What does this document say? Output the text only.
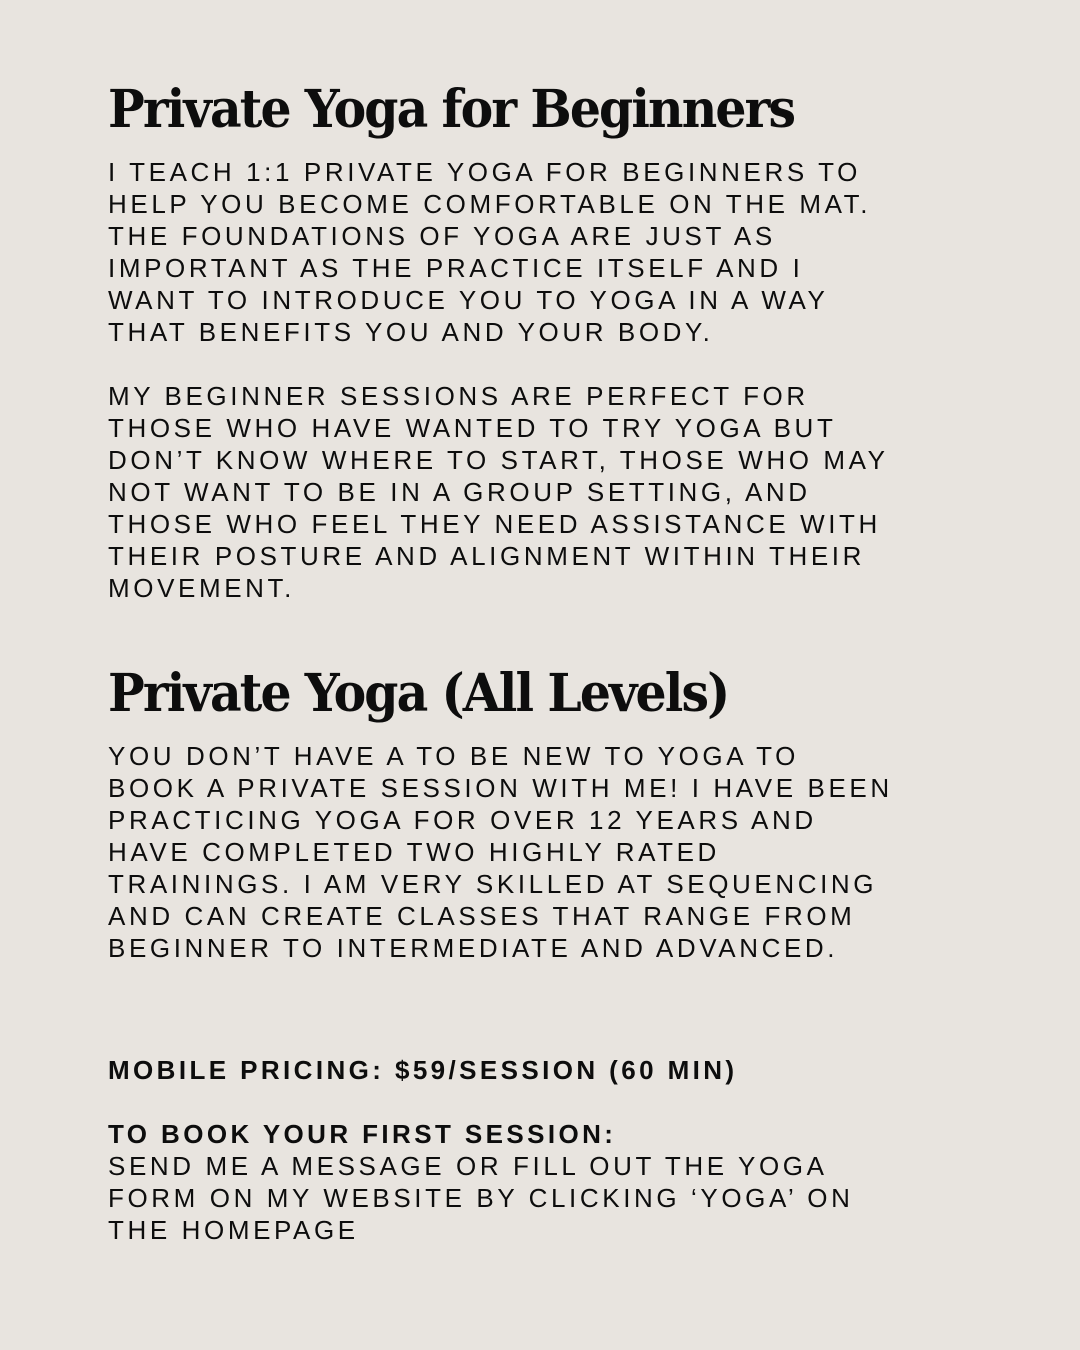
Private Yoga for Beginners

I TEACH 1:1 PRIVATE YOGA FOR BEGINNERS TO
HELP YOU BECOME COMFORTABLE ON THE MAT.
THE FOUNDATIONS OF YOGA ARE JUST AS
IMPORTANT AS THE PRACTICE ITSELF AND I
WANT TO INTRODUCE YOU TO YOGA IN A WAY
THAT BENEFITS YOU AND YOUR BODY.

MY BEGINNER SESSIONS ARE PERFECT FOR
THOSE WHO HAVE WANTED TO TRY YOGA BUT
DON’T KNOW WHERE TO START, THOSE WHO MAY
NOT WANT TO BE IN A GROUP SETTING, AND
THOSE WHO FEEL THEY NEED ASSISTANCE WITH
THEIR POSTURE AND ALIGNMENT WITHIN THEIR
MOVEMENT.

Private Yoga (All Levels)

YOU DON’T HAVE A TO BE NEW TO YOGA TO
BOOK A PRIVATE SESSION WITH ME! I HAVE BEEN
PRACTICING YOGA FOR OVER 12 YEARS AND
HAVE COMPLETED TWO HIGHLY RATED
TRAININGS. I AM VERY SKILLED AT SEQUENCING
AND CAN CREATE CLASSES THAT RANGE FROM
BEGINNER TO INTERMEDIATE AND ADVANCED.

MOBILE PRICING: $59/SESSION (60 MIN)

TO BOOK YOUR FIRST SESSION:
SEND ME A MESSAGE OR FILL OUT THE YOGA
FORM ON MY WEBSITE BY CLICKING ‘YOGA’ ON
THE HOMEPAGE
